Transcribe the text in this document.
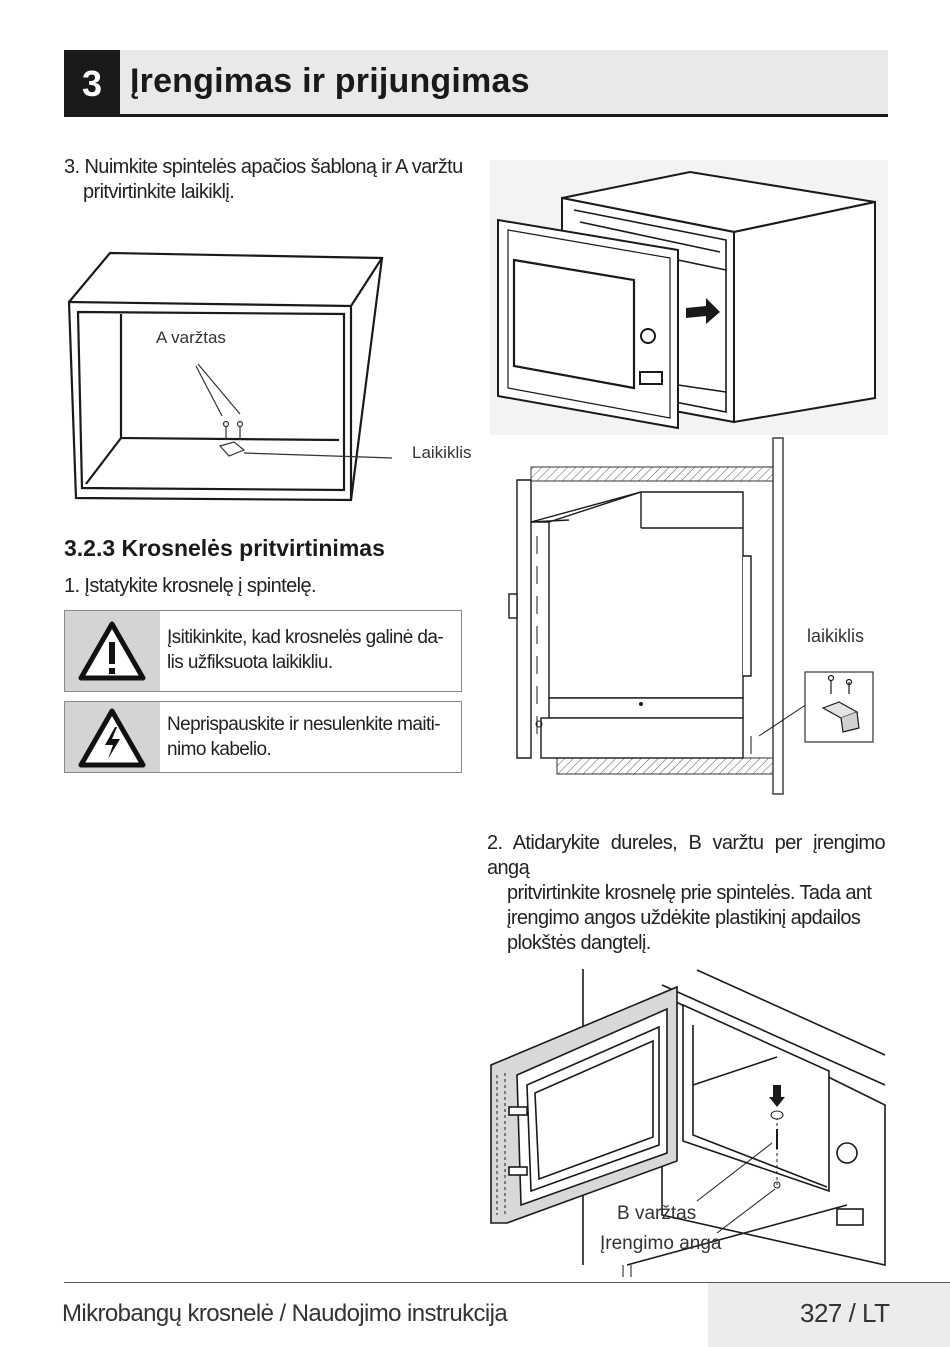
3 Įrengimas ir prijungimas
3. Nuimkite spintelės apačios šabloną ir A varžtu
pritvirtinkite laikiklį.
A varžtas
Laikiklis
3.2.3 Krosnelės pritvirtinimas
1. Įstatykite krosnelę į spintelę.
Įsitikinkite, kad krosnelės galinė da-
lis užfiksuota laikikliu.
Neprispauskite ir nesulenkite maiti-
nimo kabelio.
laikiklis
2. Atidarykite dureles, B varžtu per įrengimo angą
pritvirtinkite krosnelę prie spintelės. Tada ant
įrengimo angos uždėkite plastikinį apdailos
plokštės dangtelį.
B varžtas
Įrengimo anga
Mikrobangų krosnelė / Naudojimo instrukcija	327 / LT
